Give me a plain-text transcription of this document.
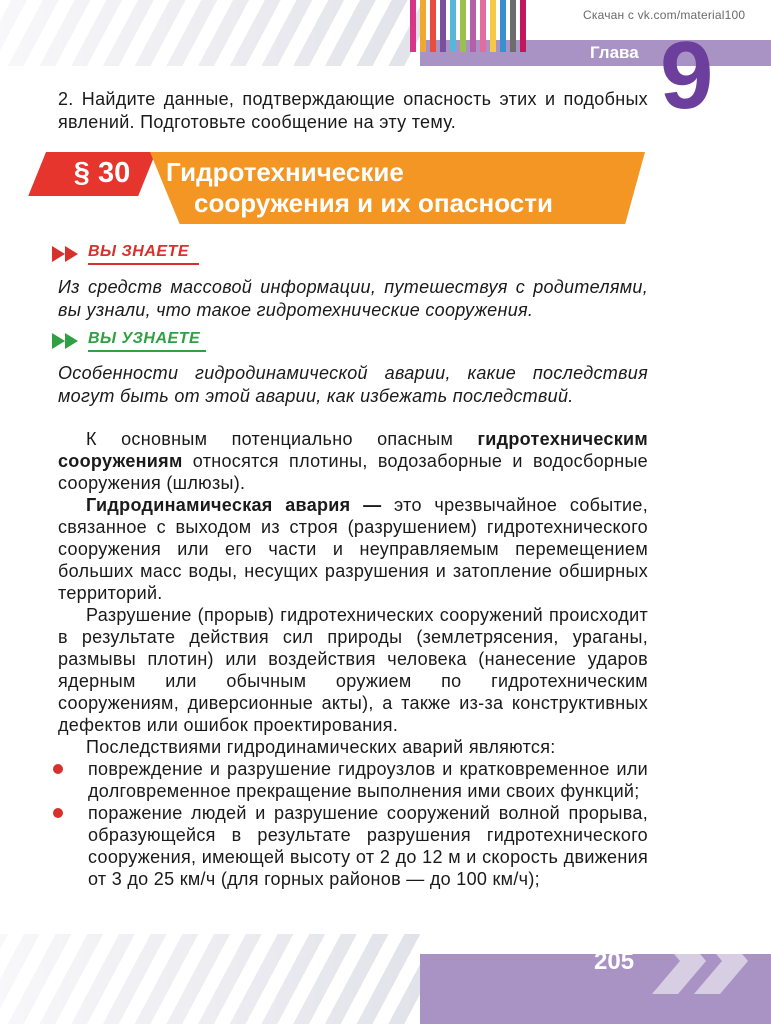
Скачан с vk.com/material100
Глава 9
2. Найдите данные, подтверждающие опасность этих и подобных явлений. Подготовьте сообщение на эту тему.
§ 30	Гидротехнические
сооружения и их опасности
ВЫ ЗНАЕТЕ
Из средств массовой информации, путешествуя с родителями, вы узнали, что такое гидротехнические сооружения.
ВЫ УЗНАЕТЕ
Особенности гидродинамической аварии, какие последствия могут быть от этой аварии, как избежать последствий.

К основным потенциально опасным гидротехническим сооружениям относятся плотины, водозаборные и водосборные сооружения (шлюзы).

Гидродинамическая авария — это чрезвычайное событие, связанное с выходом из строя (разрушением) гидротехнического сооружения или его части и неуправляемым перемещением больших масс воды, несущих разрушения и затопление обширных территорий.

Разрушение (прорыв) гидротехнических сооружений происходит в результате действия сил природы (землетрясения, ураганы, размывы плотин) или воздействия человека (нанесение ударов ядерным или обычным оружием по гидротехническим сооружениям, диверсионные акты), а также из-за конструктивных дефектов или ошибок проектирования.

Последствиями гидродинамических аварий являются:

повреждение и разрушение гидроузлов и кратковременное или долговременное прекращение выполнения ими своих функций;
поражение людей и разрушение сооружений волной прорыва, образующейся в результате разрушения гидротехнического сооружения, имеющей высоту от 2 до 12 м и скорость движения от 3 до 25 км/ч (для горных районов — до 100 км/ч);
205
